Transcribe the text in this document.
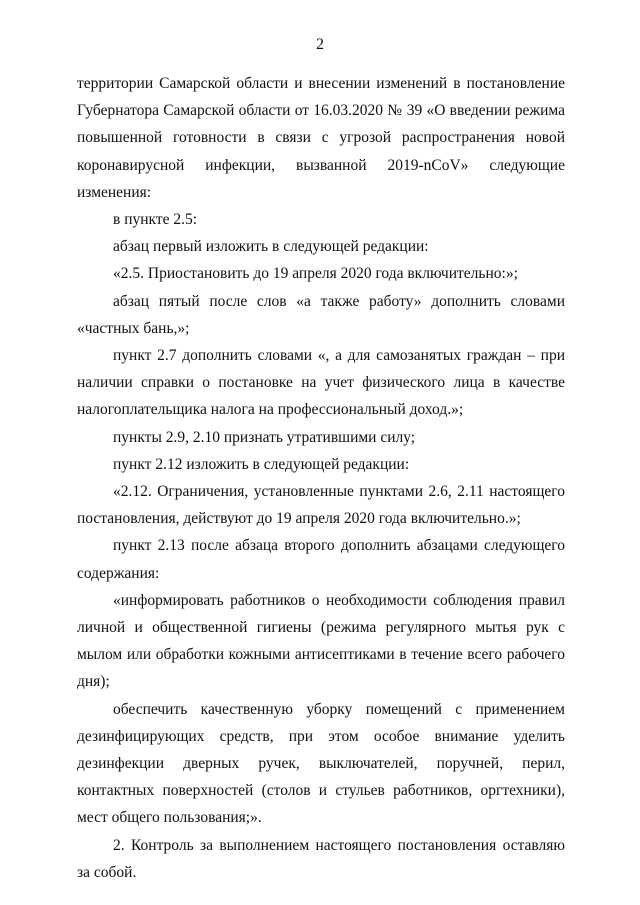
2

территории Самарской области и внесении изменений в постановление Губернатора Самарской области от 16.03.2020 № 39 «О введении режима повышенной готовности в связи с угрозой распространения новой коронавирусной инфекции, вызванной 2019-nCoV» следующие изменения:

в пункте 2.5:

абзац первый изложить в следующей редакции:

«2.5. Приостановить до 19 апреля 2020 года включительно:»;

абзац пятый после слов «а также работу» дополнить словами «частных бань,»;

пункт 2.7 дополнить словами «, а для самозанятых граждан – при наличии справки о постановке на учет физического лица в качестве налогоплательщика налога на профессиональный доход.»;

пункты 2.9, 2.10 признать утратившими силу;

пункт 2.12 изложить в следующей редакции:

«2.12. Ограничения, установленные пунктами 2.6, 2.11 настоящего постановления, действуют до 19 апреля 2020 года включительно.»;

пункт 2.13 после абзаца второго дополнить абзацами следующего содержания:

«информировать работников о необходимости соблюдения правил личной и общественной гигиены (режима регулярного мытья рук с мылом или обработки кожными антисептиками в течение всего рабочего дня);

обеспечить качественную уборку помещений с применением дезинфицирующих средств, при этом особое внимание уделить дезинфекции дверных ручек, выключателей, поручней, перил, контактных поверхностей (столов и стульев работников, оргтехники), мест общего пользования;».

2. Контроль за выполнением настоящего постановления оставляю за собой.
